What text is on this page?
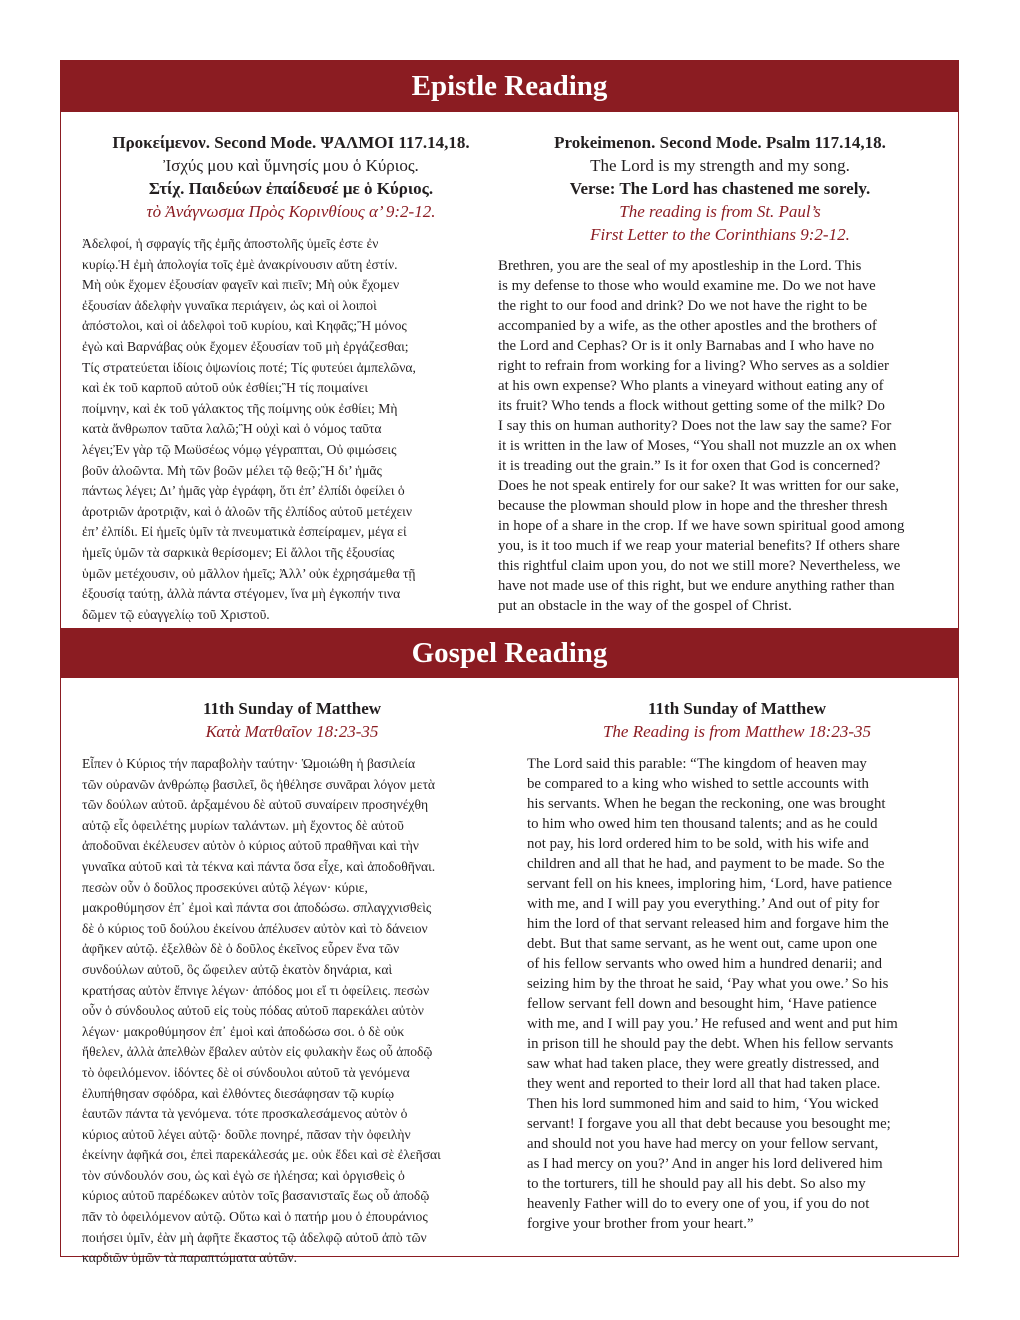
Epistle Reading
Προκείμενον. Second Mode. ΨΑΛΜΟΙ 117.14,18.
Ἰσχύς μου καὶ ὕμνησίς μου ὁ Κύριος.
Στίχ. Παιδεύων ἐπαίδευσέ με ὁ Κύριος.
τὸ Ἀνάγνωσμα Πρὸς Κορινθίους α’ 9:2-12.
Ἀδελφοί, ἡ σφραγίς τῆς ἐμῆς ἀποστολῆς ὑμεῖς ἐστε ἐν
κυρίῳ.Ἡ ἐμὴ ἀπολογία τοῖς ἐμὲ ἀνακρίνουσιν αὕτη ἐστίν.
Μὴ οὐκ ἔχομεν ἐξουσίαν φαγεῖν καὶ πιεῖν; Μὴ οὐκ ἔχομεν
ἐξουσίαν ἀδελφὴν γυναῖκα περιάγειν, ὡς καὶ οἱ λοιποὶ
ἀπόστολοι, καὶ οἱ ἀδελφοὶ τοῦ κυρίου, καὶ Κηφᾶς;Ἢ μόνος
ἐγὼ καὶ Βαρνάβας οὐκ ἔχομεν ἐξουσίαν τοῦ μὴ ἐργάζεσθαι;
Τίς στρατεύεται ἰδίοις ὀψωνίοις ποτέ; Τίς φυτεύει ἀμπελῶνα,
καὶ ἐκ τοῦ καρποῦ αὐτοῦ οὐκ ἐσθίει;Ἢ τίς ποιμαίνει
ποίμνην, καὶ ἐκ τοῦ γάλακτος τῆς ποίμνης οὐκ ἐσθίει; Μὴ
κατὰ ἄνθρωπον ταῦτα λαλῶ;Ἢ οὐχὶ καὶ ὁ νόμος ταῦτα
λέγει;Ἐν γὰρ τῷ Μωϋσέως νόμῳ γέγραπται, Οὐ φιμώσεις
βοῦν ἀλοῶντα. Μὴ τῶν βοῶν μέλει τῷ θεῷ;Ἢ δι’ ἡμᾶς
πάντως λέγει; Δι’ ἡμᾶς γὰρ ἐγράφη, ὅτι ἐπ’ ἐλπίδι ὀφείλει ὁ
ἀροτριῶν ἀροτριᾷν, καὶ ὁ ἀλοῶν τῆς ἐλπίδος αὐτοῦ μετέχειν
ἐπ’ ἐλπίδι. Εἰ ἡμεῖς ὑμῖν τὰ πνευματικὰ ἐσπείραμεν, μέγα εἰ
ἡμεῖς ὑμῶν τὰ σαρκικὰ θερίσομεν; Εἰ ἄλλοι τῆς ἐξουσίας
ὑμῶν μετέχουσιν, οὐ μᾶλλον ἡμεῖς; Ἀλλ’ οὐκ ἐχρησάμεθα τῇ
ἐξουσίᾳ ταύτῃ, ἀλλὰ πάντα στέγομεν, ἵνα μὴ ἐγκοπήν τινα
δῶμεν τῷ εὐαγγελίῳ τοῦ Χριστοῦ.
Prokeimenon. Second Mode. Psalm 117.14,18.
The Lord is my strength and my song.
Verse: The Lord has chastened me sorely.
The reading is from St. Paul’s
First Letter to the Corinthians 9:2-12.
Brethren, you are the seal of my apostleship in the Lord. This
is my defense to those who would examine me. Do we not have
the right to our food and drink? Do we not have the right to be
accompanied by a wife, as the other apostles and the brothers of
the Lord and Cephas? Or is it only Barnabas and I who have no
right to refrain from working for a living? Who serves as a soldier
at his own expense? Who plants a vineyard without eating any of
its fruit? Who tends a flock without getting some of the milk? Do
I say this on human authority? Does not the law say the same? For
it is written in the law of Moses, “You shall not muzzle an ox when
it is treading out the grain.” Is it for oxen that God is concerned?
Does he not speak entirely for our sake? It was written for our sake,
because the plowman should plow in hope and the thresher thresh
in hope of a share in the crop. If we have sown spiritual good among
you, is it too much if we reap your material benefits? If others share
this rightful claim upon you, do not we still more? Nevertheless, we
have not made use of this right, but we endure anything rather than
put an obstacle in the way of the gospel of Christ.
Gospel Reading
11th Sunday of Matthew
Κατὰ Ματθαῖον 18:23-35
Εἶπεν ὁ Κύριος τήν παραβολὴν ταύτην· Ὡμοιώθη ἡ βασιλεία
τῶν οὐρανῶν ἀνθρώπῳ βασιλεῖ, ὃς ἠθέλησε συνᾶραι λόγον μετὰ
τῶν δούλων αὐτοῦ. ἀρξαμένου δὲ αὐτοῦ συναίρειν προσηνέχθη
αὐτῷ εἷς ὀφειλέτης μυρίων ταλάντων. μὴ ἔχοντος δὲ αὐτοῦ
ἀποδοῦναι ἐκέλευσεν αὐτὸν ὁ κύριος αὐτοῦ πραθῆναι καὶ τὴν
γυναῖκα αὐτοῦ καὶ τὰ τέκνα καὶ πάντα ὅσα εἶχε, καὶ ἀποδοθῆναι.
πεσὼν οὖν ὁ δοῦλος προσεκύνει αὐτῷ λέγων· κύριε,
μακροθύμησον ἐπ᾿ ἐμοὶ καὶ πάντα σοι ἀποδώσω. σπλαγχνισθεὶς
δὲ ὁ κύριος τοῦ δούλου ἐκείνου ἀπέλυσεν αὐτὸν καὶ τὸ δάνειον
ἀφῆκεν αὐτῷ. ἐξελθὼν δὲ ὁ δοῦλος ἐκεῖνος εὗρεν ἕνα τῶν
συνδούλων αὐτοῦ, ὃς ὤφειλεν αὐτῷ ἑκατὸν δηνάρια, καὶ
κρατήσας αὐτὸν ἔπνιγε λέγων· ἀπόδος μοι εἴ τι ὀφείλεις. πεσὼν
οὖν ὁ σύνδουλος αὐτοῦ εἰς τοὺς πόδας αὐτοῦ παρεκάλει αὐτὸν
λέγων· μακροθύμησον ἐπ᾿ ἐμοὶ καὶ ἀποδώσω σοι. ὁ δὲ οὐκ
ἤθελεν, ἀλλὰ ἀπελθὼν ἔβαλεν αὐτὸν εἰς φυλακὴν ἕως οὗ ἀποδῷ
τὸ ὀφειλόμενον. ἰδόντες δὲ οἱ σύνδουλοι αὐτοῦ τὰ γενόμενα
ἐλυπήθησαν σφόδρα, καὶ ἐλθόντες διεσάφησαν τῷ κυρίῳ
ἑαυτῶν πάντα τὰ γενόμενα. τότε προσκαλεσάμενος αὐτὸν ὁ
κύριος αὐτοῦ λέγει αὐτῷ· δοῦλε πονηρέ, πᾶσαν τὴν ὀφειλὴν
ἐκείνην ἀφῆκά σοι, ἐπεὶ παρεκάλεσάς με. οὐκ ἔδει καὶ σὲ ἐλεῆσαι
τὸν σύνδουλόν σου, ὡς καὶ ἐγὼ σε ἠλέησα; καὶ ὀργισθεὶς ὁ
κύριος αὐτοῦ παρέδωκεν αὐτὸν τοῖς βασανισταῖς ἕως οὗ ἀποδῷ
πᾶν τὸ ὀφειλόμενον αὐτῷ. Οὕτω καὶ ὁ πατήρ μου ὁ ἐπουράνιος
ποιήσει ὑμῖν, ἐὰν μὴ ἀφῆτε ἕκαστος τῷ ἀδελφῷ αὐτοῦ ἀπὸ τῶν
καρδιῶν ὑμῶν τὰ παραπτώματα αὐτῶν.
11th Sunday of Matthew
The Reading is from Matthew 18:23-35
The Lord said this parable: “The kingdom of heaven may
be compared to a king who wished to settle accounts with
his servants. When he began the reckoning, one was brought
to him who owed him ten thousand talents; and as he could
not pay, his lord ordered him to be sold, with his wife and
children and all that he had, and payment to be made. So the
servant fell on his knees, imploring him, ‘Lord, have patience
with me, and I will pay you everything.’ And out of pity for
him the lord of that servant released him and forgave him the
debt. But that same servant, as he went out, came upon one
of his fellow servants who owed him a hundred denarii; and
seizing him by the throat he said, ‘Pay what you owe.’ So his
fellow servant fell down and besought him, ‘Have patience
with me, and I will pay you.’ He refused and went and put him
in prison till he should pay the debt. When his fellow servants
saw what had taken place, they were greatly distressed, and
they went and reported to their lord all that had taken place.
Then his lord summoned him and said to him, ‘You wicked
servant! I forgave you all that debt because you besought me;
and should not you have had mercy on your fellow servant,
as I had mercy on you?’ And in anger his lord delivered him
to the torturers, till he should pay all his debt. So also my
heavenly Father will do to every one of you, if you do not
forgive your brother from your heart.”
